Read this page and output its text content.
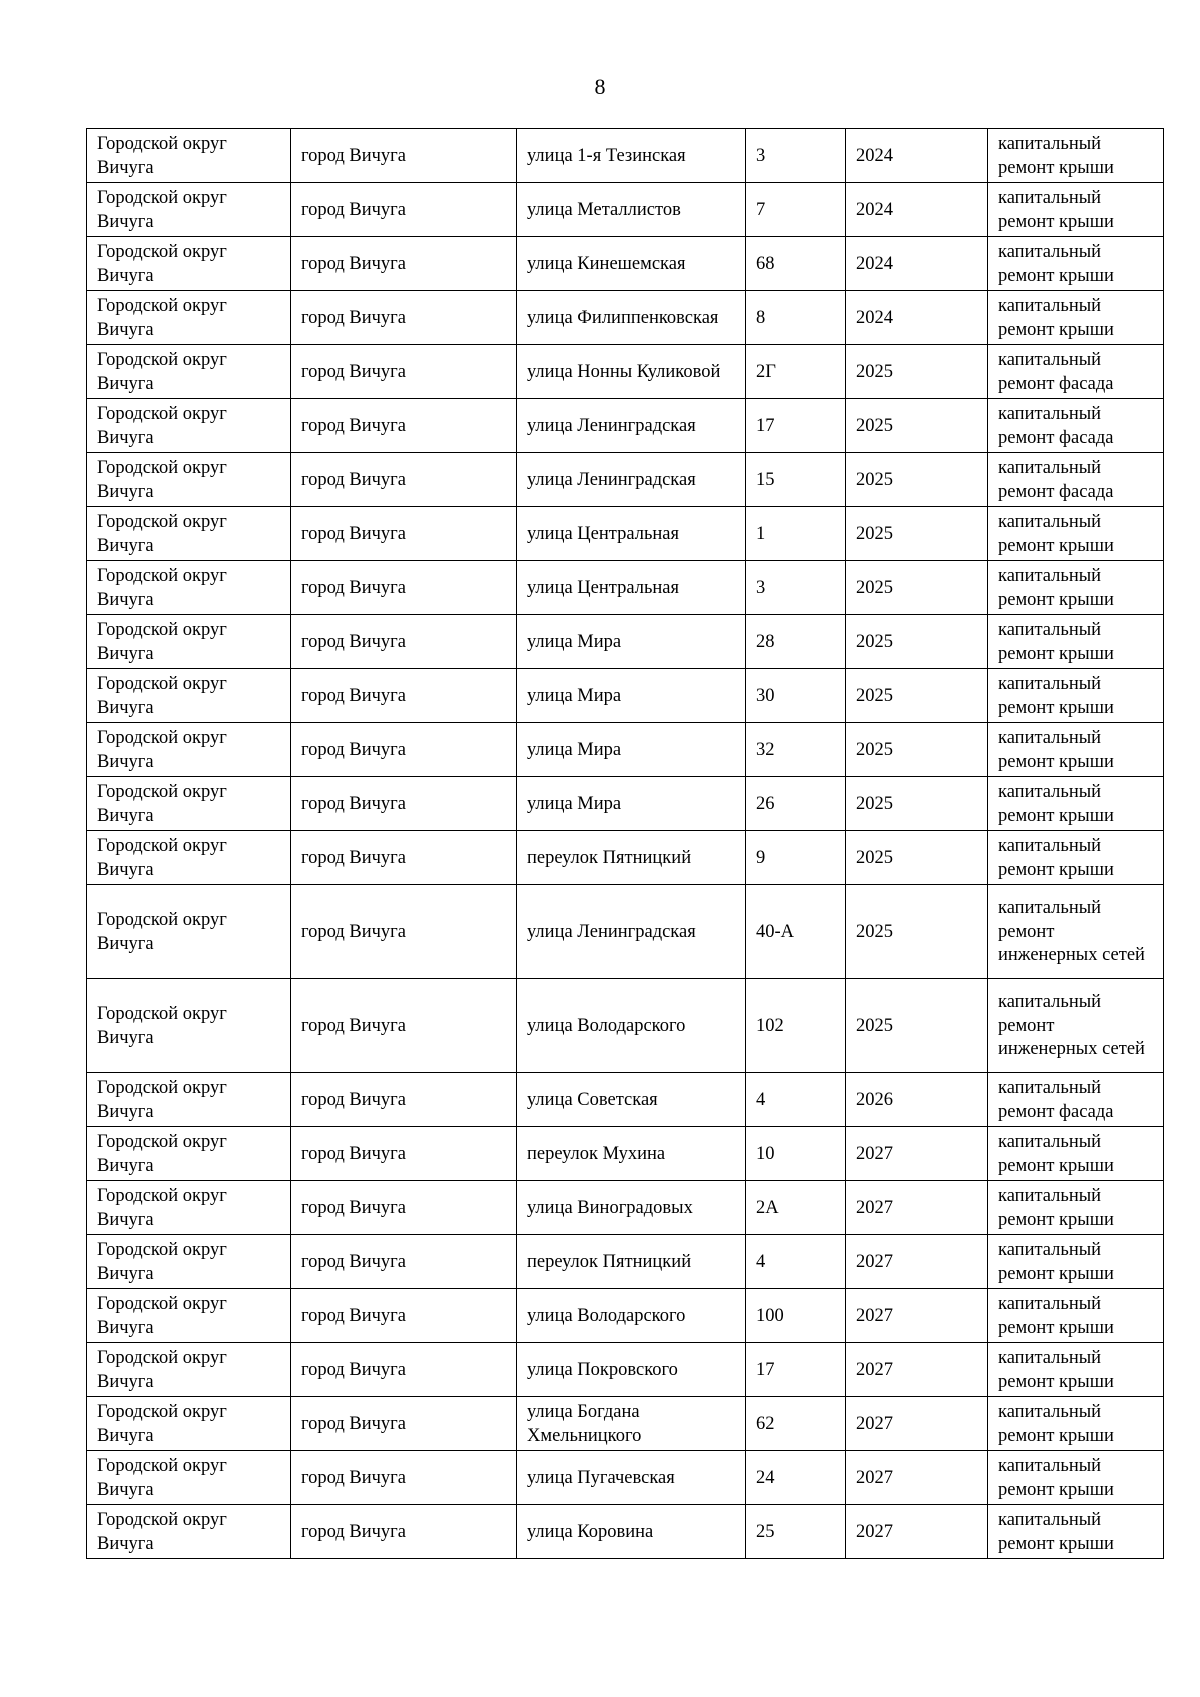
8
Городской округ Вичуга	город Вичуга	улица 1-я Тезинская	3	2024	капитальный ремонт крыши
Городской округ Вичуга	город Вичуга	улица Металлистов	7	2024	капитальный ремонт крыши
Городской округ Вичуга	город Вичуга	улица Кинешемская	68	2024	капитальный ремонт крыши
Городской округ Вичуга	город Вичуга	улица Филиппенковская	8	2024	капитальный ремонт крыши
Городской округ Вичуга	город Вичуга	улица Нонны Куликовой	2Г	2025	капитальный ремонт фасада
Городской округ Вичуга	город Вичуга	улица Ленинградская	17	2025	капитальный ремонт фасада
Городской округ Вичуга	город Вичуга	улица Ленинградская	15	2025	капитальный ремонт фасада
Городской округ Вичуга	город Вичуга	улица Центральная	1	2025	капитальный ремонт крыши
Городской округ Вичуга	город Вичуга	улица Центральная	3	2025	капитальный ремонт крыши
Городской округ Вичуга	город Вичуга	улица Мира	28	2025	капитальный ремонт крыши
Городской округ Вичуга	город Вичуга	улица Мира	30	2025	капитальный ремонт крыши
Городской округ Вичуга	город Вичуга	улица Мира	32	2025	капитальный ремонт крыши
Городской округ Вичуга	город Вичуга	улица Мира	26	2025	капитальный ремонт крыши
Городской округ Вичуга	город Вичуга	переулок Пятницкий	9	2025	капитальный ремонт крыши
Городской округ Вичуга	город Вичуга	улица Ленинградская	40-А	2025	капитальный ремонт инженерных сетей
Городской округ Вичуга	город Вичуга	улица Володарского	102	2025	капитальный ремонт инженерных сетей
Городской округ Вичуга	город Вичуга	улица Советская	4	2026	капитальный ремонт фасада
Городской округ Вичуга	город Вичуга	переулок Мухина	10	2027	капитальный ремонт крыши
Городской округ Вичуга	город Вичуга	улица Виноградовых	2А	2027	капитальный ремонт крыши
Городской округ Вичуга	город Вичуга	переулок Пятницкий	4	2027	капитальный ремонт крыши
Городской округ Вичуга	город Вичуга	улица Володарского	100	2027	капитальный ремонт крыши
Городской округ Вичуга	город Вичуга	улица Покровского	17	2027	капитальный ремонт крыши
Городской округ Вичуга	город Вичуга	улица Богдана Хмельницкого	62	2027	капитальный ремонт крыши
Городской округ Вичуга	город Вичуга	улица Пугачевская	24	2027	капитальный ремонт крыши
Городской округ Вичуга	город Вичуга	улица Коровина	25	2027	капитальный ремонт крыши
